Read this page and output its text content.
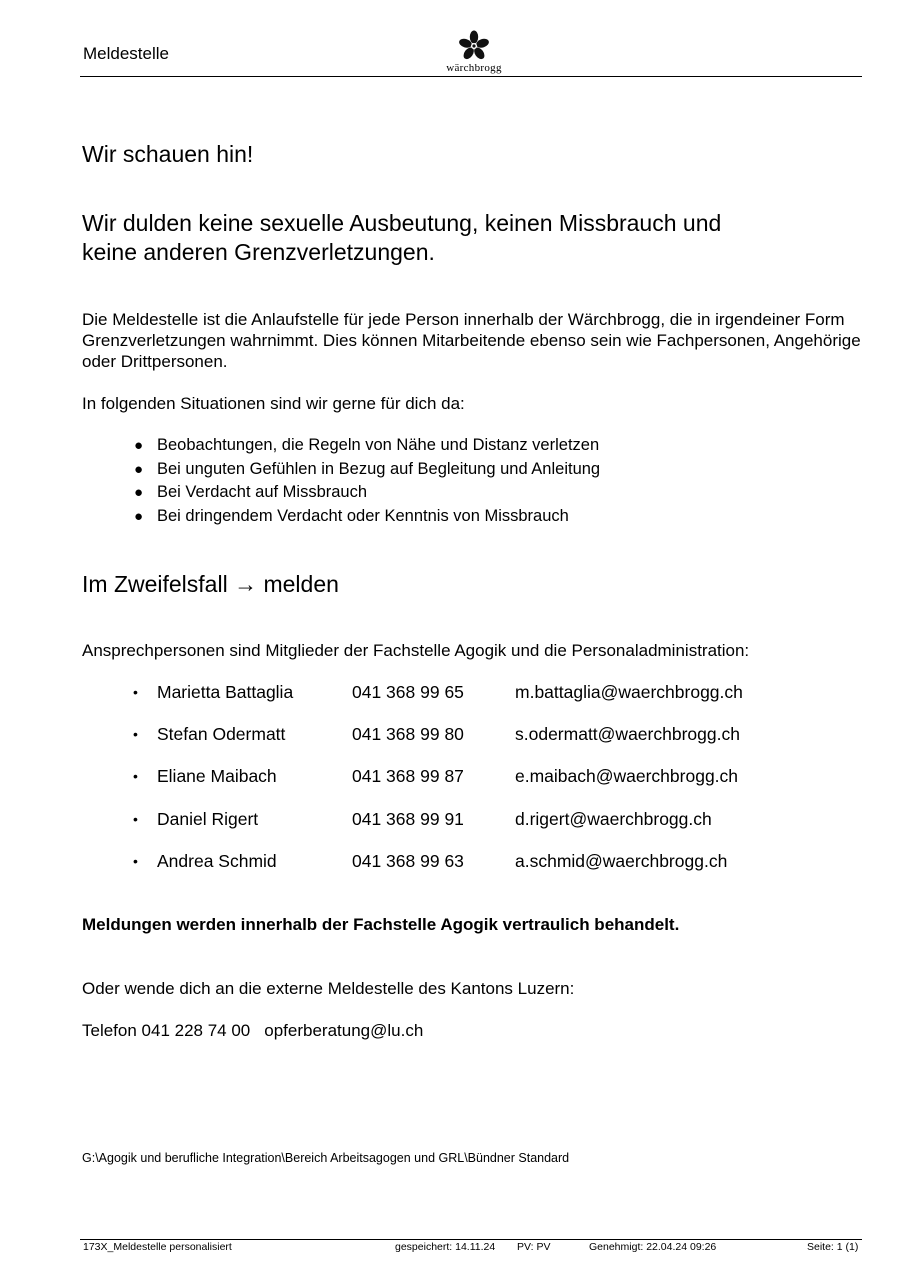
Meldestelle
wärchbrogg
Wir schauen hin!
Wir dulden keine sexuelle Ausbeutung, keinen Missbrauch und keine anderen Grenzverletzungen.
Die Meldestelle ist die Anlaufstelle für jede Person innerhalb der Wärchbrogg, die in irgendeiner Form Grenzverletzungen wahrnimmt. Dies können Mitarbeitende ebenso sein wie Fachpersonen, Angehörige oder Drittpersonen.
In folgenden Situationen sind wir gerne für dich da:
● Beobachtungen, die Regeln von Nähe und Distanz verletzen
● Bei unguten Gefühlen in Bezug auf Begleitung und Anleitung
● Bei Verdacht auf Missbrauch
● Bei dringendem Verdacht oder Kenntnis von Missbrauch
Im Zweifelsfall → melden
Ansprechpersonen sind Mitglieder der Fachstelle Agogik und die Personaladministration:
• Marietta Battaglia	041 368 99 65	m.battaglia@waerchbrogg.ch
• Stefan Odermatt	041 368 99 80	s.odermatt@waerchbrogg.ch
• Eliane Maibach	041 368 99 87	e.maibach@waerchbrogg.ch
• Daniel Rigert	041 368 99 91	d.rigert@waerchbrogg.ch
• Andrea Schmid	041 368 99 63	a.schmid@waerchbrogg.ch
Meldungen werden innerhalb der Fachstelle Agogik vertraulich behandelt.
Oder wende dich an die externe Meldestelle des Kantons Luzern:
Telefon 041 228 74 00 opferberatung@lu.ch
G:\Agogik und berufliche Integration\Bereich Arbeitsagogen und GRL\Bündner Standard
173X_Meldestelle personalisiert	gespeichert: 14.11.24 PV: PV	Genehmigt: 22.04.24 09:26	Seite: 1 (1)
